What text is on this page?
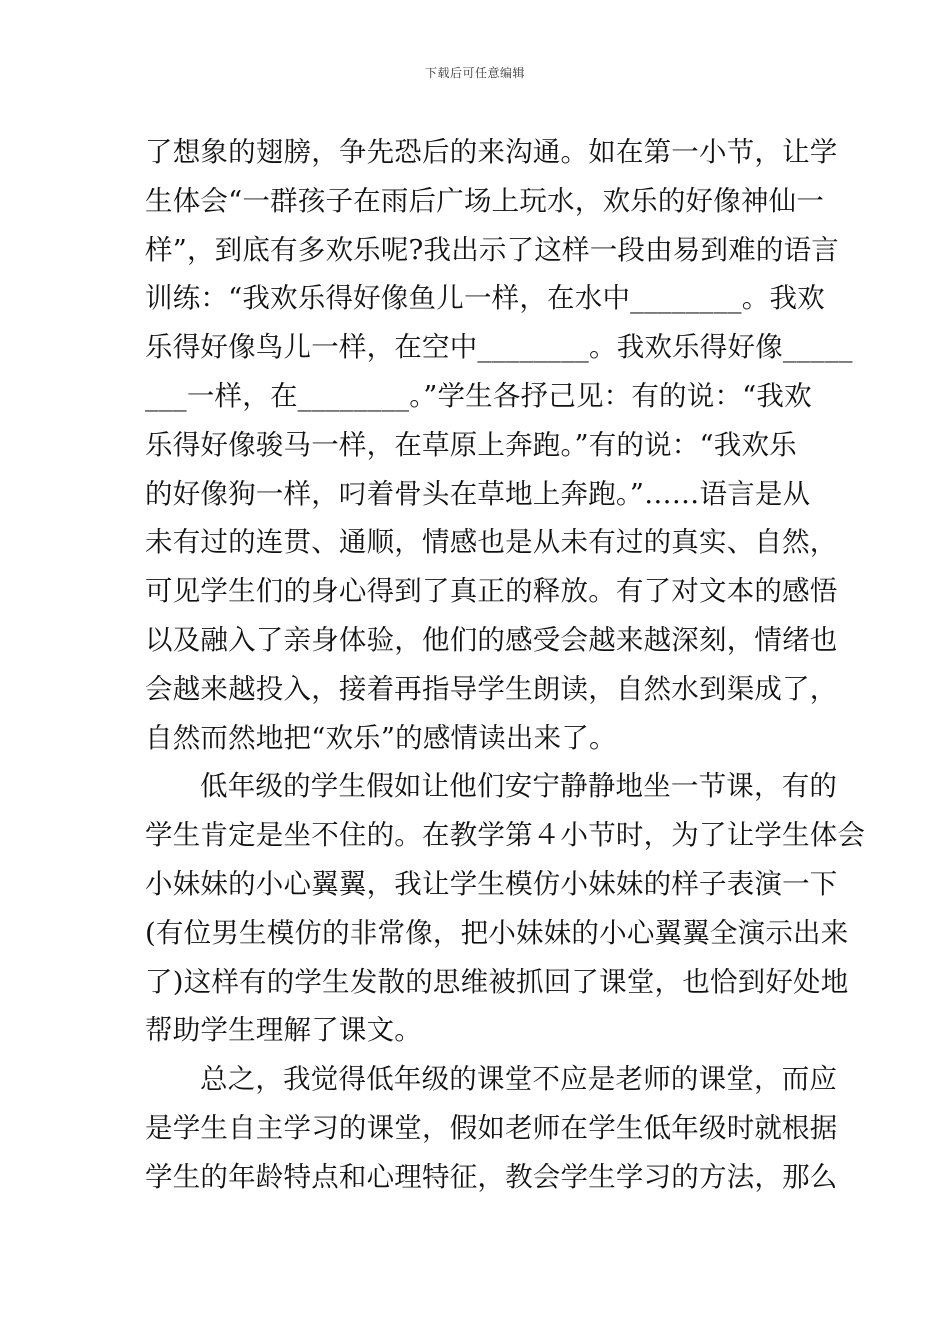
下载后可任意编辑
了想象的翅膀，争先恐后的来沟通。如在第一小节，让学
生体会“一群孩子在雨后广场上玩水，欢乐的好像神仙一
样”，到底有多欢乐呢?我出示了这样一段由易到难的语言
训练：“我欢乐得好像鱼儿一样，在水中________。我欢
乐得好像鸟儿一样，在空中________。我欢乐得好像_____
___一样，在________。”学生各抒己见：有的说：“我欢
乐得好像骏马一样，在草原上奔跑。”有的说：“我欢乐
的好像狗一样，叼着骨头在草地上奔跑。”……语言是从
未有过的连贯、通顺，情感也是从未有过的真实、自然，
可见学生们的身心得到了真正的释放。有了对文本的感悟
以及融入了亲身体验，他们的感受会越来越深刻，情绪也
会越来越投入，接着再指导学生朗读，自然水到渠成了，
自然而然地把“欢乐”的感情读出来了。
低年级的学生假如让他们安宁静静地坐一节课，有的
学生肯定是坐不住的。在教学第４小节时，为了让学生体会
小妹妹的小心翼翼，我让学生模仿小妹妹的样子表演一下
(有位男生模仿的非常像，把小妹妹的小心翼翼全演示出来
了)这样有的学生发散的思维被抓回了课堂，也恰到好处地
帮助学生理解了课文。
总之，我觉得低年级的课堂不应是老师的课堂，而应
是学生自主学习的课堂，假如老师在学生低年级时就根据
学生的年龄特点和心理特征，教会学生学习的方法，那么
